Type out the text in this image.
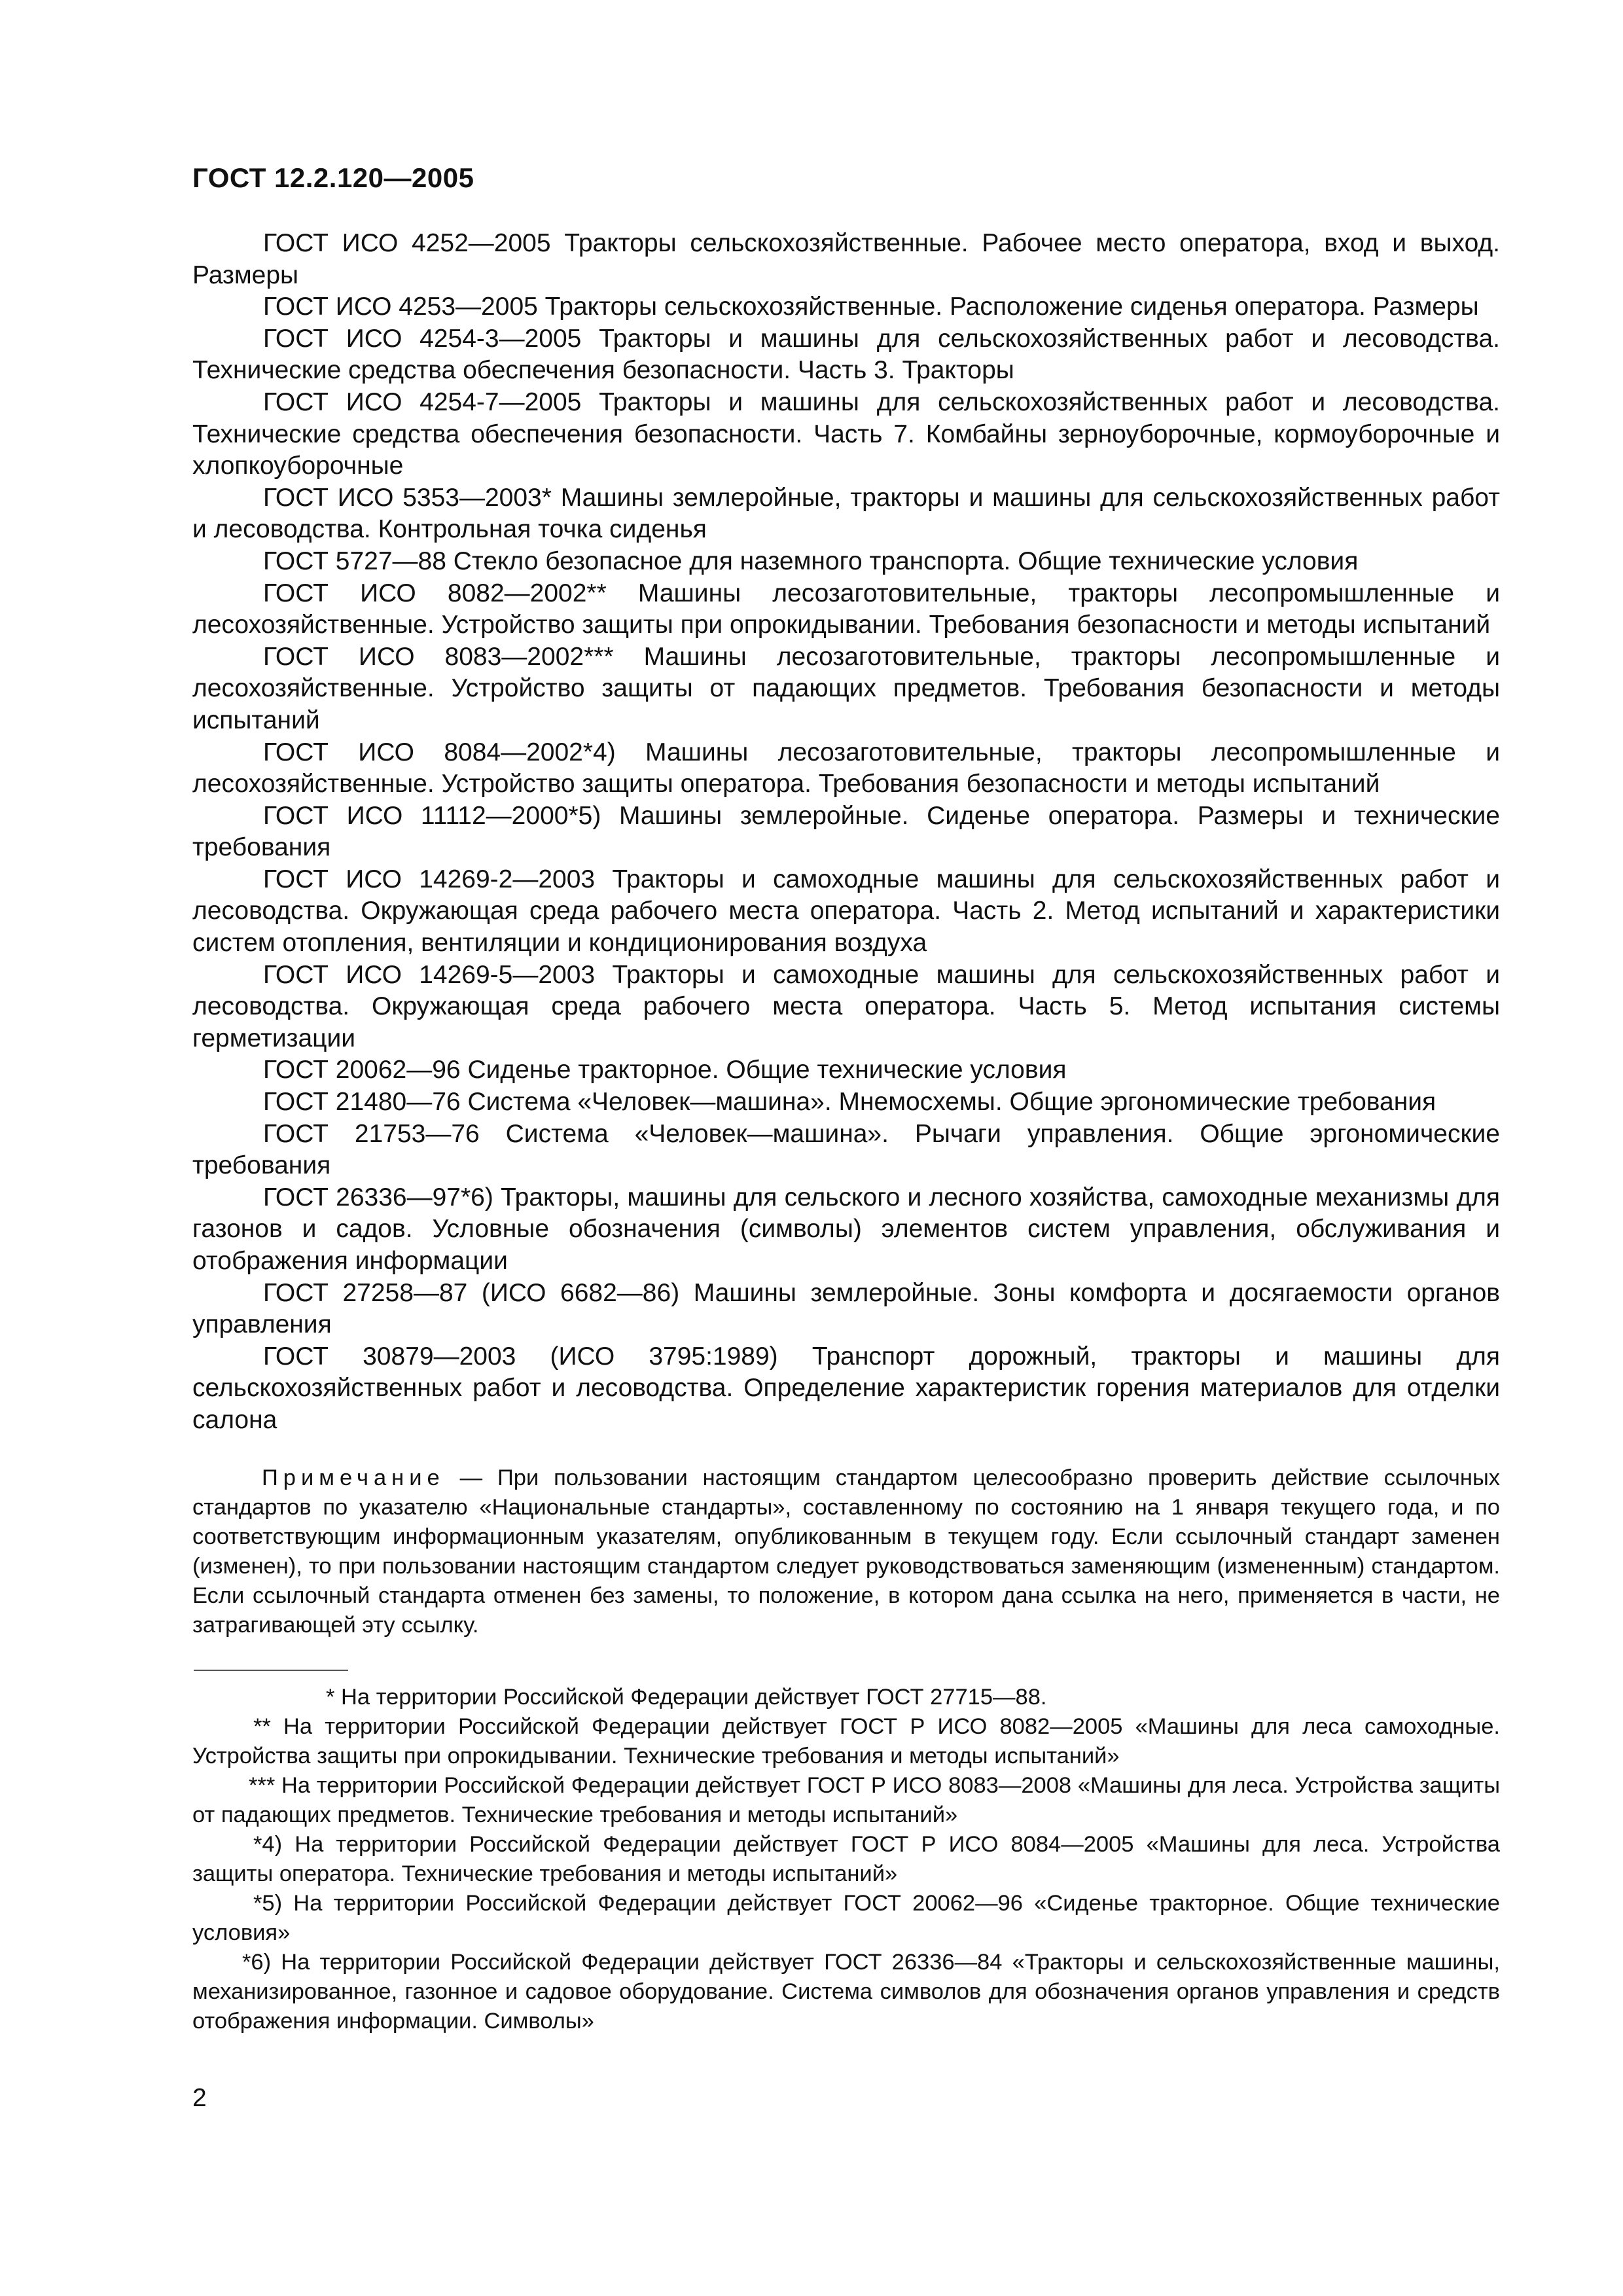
ГОСТ 12.2.120—2005

ГОСТ ИСО 4252—2005 Тракторы сельскохозяйственные. Рабочее место оператора, вход и выход. Размеры

ГОСТ ИСО 4253—2005 Тракторы сельскохозяйственные. Расположение сиденья оператора. Размеры

ГОСТ ИСО 4254-3—2005 Тракторы и машины для сельскохозяйственных работ и лесоводства. Технические средства обеспечения безопасности. Часть 3. Тракторы

ГОСТ ИСО 4254-7—2005 Тракторы и машины для сельскохозяйственных работ и лесоводства. Технические средства обеспечения безопасности. Часть 7. Комбайны зерноуборочные, кормоуборочные и хлопкоуборочные

ГОСТ ИСО 5353—2003* Машины землеройные, тракторы и машины для сельскохозяйственных работ и лесоводства. Контрольная точка сиденья

ГОСТ 5727—88 Стекло безопасное для наземного транспорта. Общие технические условия

ГОСТ ИСО 8082—2002** Машины лесозаготовительные, тракторы лесопромышленные и лесохозяйственные. Устройство защиты при опрокидывании. Требования безопасности и методы испытаний

ГОСТ ИСО 8083—2002*** Машины лесозаготовительные, тракторы лесопромышленные и лесохозяйственные. Устройство защиты от падающих предметов. Требования безопасности и методы испытаний

ГОСТ ИСО 8084—2002*4) Машины лесозаготовительные, тракторы лесопромышленные и лесохозяйственные. Устройство защиты оператора. Требования безопасности и методы испытаний

ГОСТ ИСО 11112—2000*5) Машины землеройные. Сиденье оператора. Размеры и технические требования

ГОСТ ИСО 14269-2—2003 Тракторы и самоходные машины для сельскохозяйственных работ и лесоводства. Окружающая среда рабочего места оператора. Часть 2. Метод испытаний и характеристики систем отопления, вентиляции и кондиционирования воздуха

ГОСТ ИСО 14269-5—2003 Тракторы и самоходные машины для сельскохозяйственных работ и лесоводства. Окружающая среда рабочего места оператора. Часть 5. Метод испытания системы герметизации

ГОСТ 20062—96 Сиденье тракторное. Общие технические условия

ГОСТ 21480—76 Система «Человек—машина». Мнемосхемы. Общие эргономические требования

ГОСТ 21753—76 Система «Человек—машина». Рычаги управления. Общие эргономические требования

ГОСТ 26336—97*6) Тракторы, машины для сельского и лесного хозяйства, самоходные механизмы для газонов и садов. Условные обозначения (символы) элементов систем управления, обслуживания и отображения информации

ГОСТ 27258—87 (ИСО 6682—86) Машины землеройные. Зоны комфорта и досягаемости органов управления

ГОСТ 30879—2003 (ИСО 3795:1989) Транспорт дорожный, тракторы и машины для сельскохозяйственных работ и лесоводства. Определение характеристик горения материалов для отделки салона

Примечание — При пользовании настоящим стандартом целесообразно проверить действие ссылочных стандартов по указателю «Национальные стандарты», составленному по состоянию на 1 января текущего года, и по соответствующим информационным указателям, опубликованным в текущем году. Если ссылочный стандарт заменен (изменен), то при пользовании настоящим стандартом следует руководствоваться заменяющим (измененным) стандартом. Если ссылочный стандарта отменен без замены, то положение, в котором дана ссылка на него, применяется в части, не затрагивающей эту ссылку.

* На территории Российской Федерации действует ГОСТ 27715—88.

** На территории Российской Федерации действует ГОСТ Р ИСО 8082—2005 «Машины для леса самоходные. Устройства защиты при опрокидывании. Технические требования и методы испытаний»

*** На территории Российской Федерации действует ГОСТ Р ИСО 8083—2008 «Машины для леса. Устройства защиты от падающих предметов. Технические требования и методы испытаний»

*4) На территории Российской Федерации действует ГОСТ Р ИСО 8084—2005 «Машины для леса. Устройства защиты оператора. Технические требования и методы испытаний»

*5) На территории Российской Федерации действует ГОСТ 20062—96 «Сиденье тракторное. Общие технические условия»

*6) На территории Российской Федерации действует ГОСТ 26336—84 «Тракторы и сельскохозяйственные машины, механизированное, газонное и садовое оборудование. Система символов для обозначения органов управления и средств отображения информации. Символы»

2
